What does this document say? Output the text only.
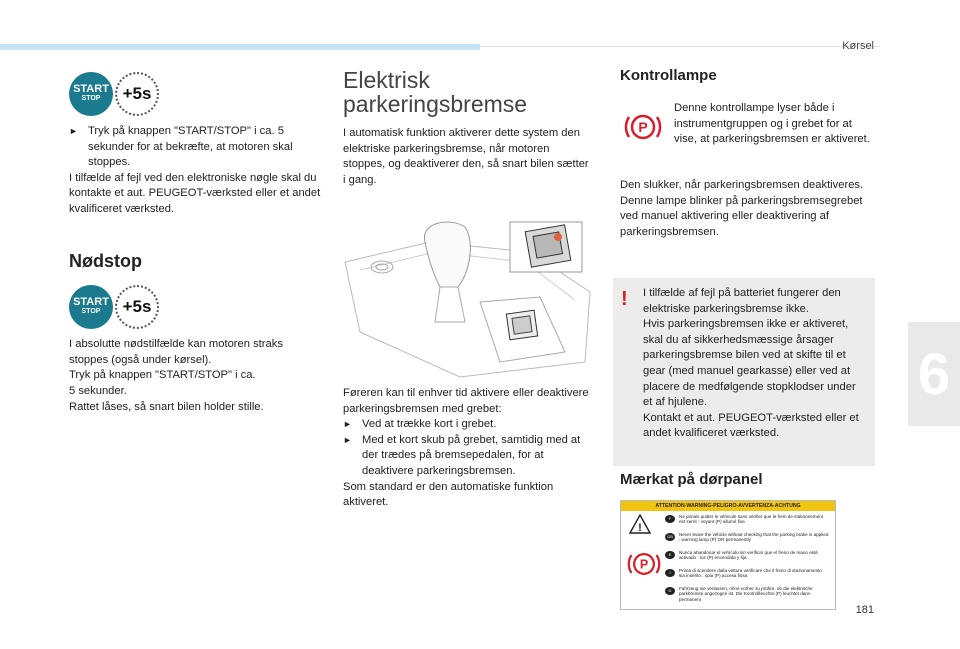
Kørsel
6
181
START
STOP	+5s
► Tryk på knappen "START/STOP" i ca. 5 sekunder for at bekræfte, at motoren skal stoppes.

I tilfælde af fejl ved den elektroniske nøgle skal du kontakte et aut. PEUGEOT-værksted eller et andet kvalificeret værksted.

Nødstop
START
STOP	+5s

I absolutte nødstilfælde kan motoren straks stoppes (også under kørsel).

Tryk på knappen "START/STOP" i ca.

5 sekunder.

Rattet låses, så snart bilen holder stille.

Elektrisk

parkeringsbremse

I automatisk funktion aktiverer dette system den elektriske parkeringsbremse, når motoren stoppes, og deaktiverer den, så snart bilen sætter i gang.

Føreren kan til enhver tid aktivere eller deaktivere parkeringsbremsen med grebet:

► Ved at trække kort i grebet.
► Med et kort skub på grebet, samtidig med at der trædes på bremsepedalen, for at deaktivere parkeringsbremsen.

Som standard er den automatiske funktion aktiveret.

Kontrollampe
P

Denne kontrollampe lyser både i instrumentgruppen og i grebet for at vise, at parkeringsbremsen er aktiveret.

Den slukker, når parkeringsbremsen deaktiveres.

Denne lampe blinker på parkeringsbremsegrebet ved manuel aktivering eller deaktivering af parkeringsbremsen.

! I tilfælde af fejl på batteriet fungerer den elektriske parkeringsbremse ikke.

Hvis parkeringsbremsen ikke er aktiveret, skal du af sikkerhedsmæssige årsager parkeringsbremse bilen ved at skifte til et gear (med manuel gearkasse) eller ved at placere de medfølgende stopklodser under et af hjulene.

Kontakt et aut. PEUGEOT-værksted eller et andet kvalificeret værksted.

Mærkat på dørpanel
ATTENTION-WARNING-PELIGRO-AVVERTENZA-ACHTUNG
!
P
F	Ne jamais quitter le véhicule sans vérifier que le frein de stationnement est serré : voyant (P) allumé fixe
GB	Never leave the vehicle without checking that the parking brake is applied : warning lamp (P) ON permanently
E	Nunca abandonar el vehículo sin verificar que el freno de mano esté activado : luz (P) encendida y fija
I	Prima di scendere dalla vettura verificare che il freno di stazionamento sia inserito : spia (P) accesa fissa
D	Fahrzeug nie verlassen, ohne vorher zu prüfen, ob die elektrische parkbremse angezogen ist. Die Kontrollleuchte (P) leuchtet dann permanent
